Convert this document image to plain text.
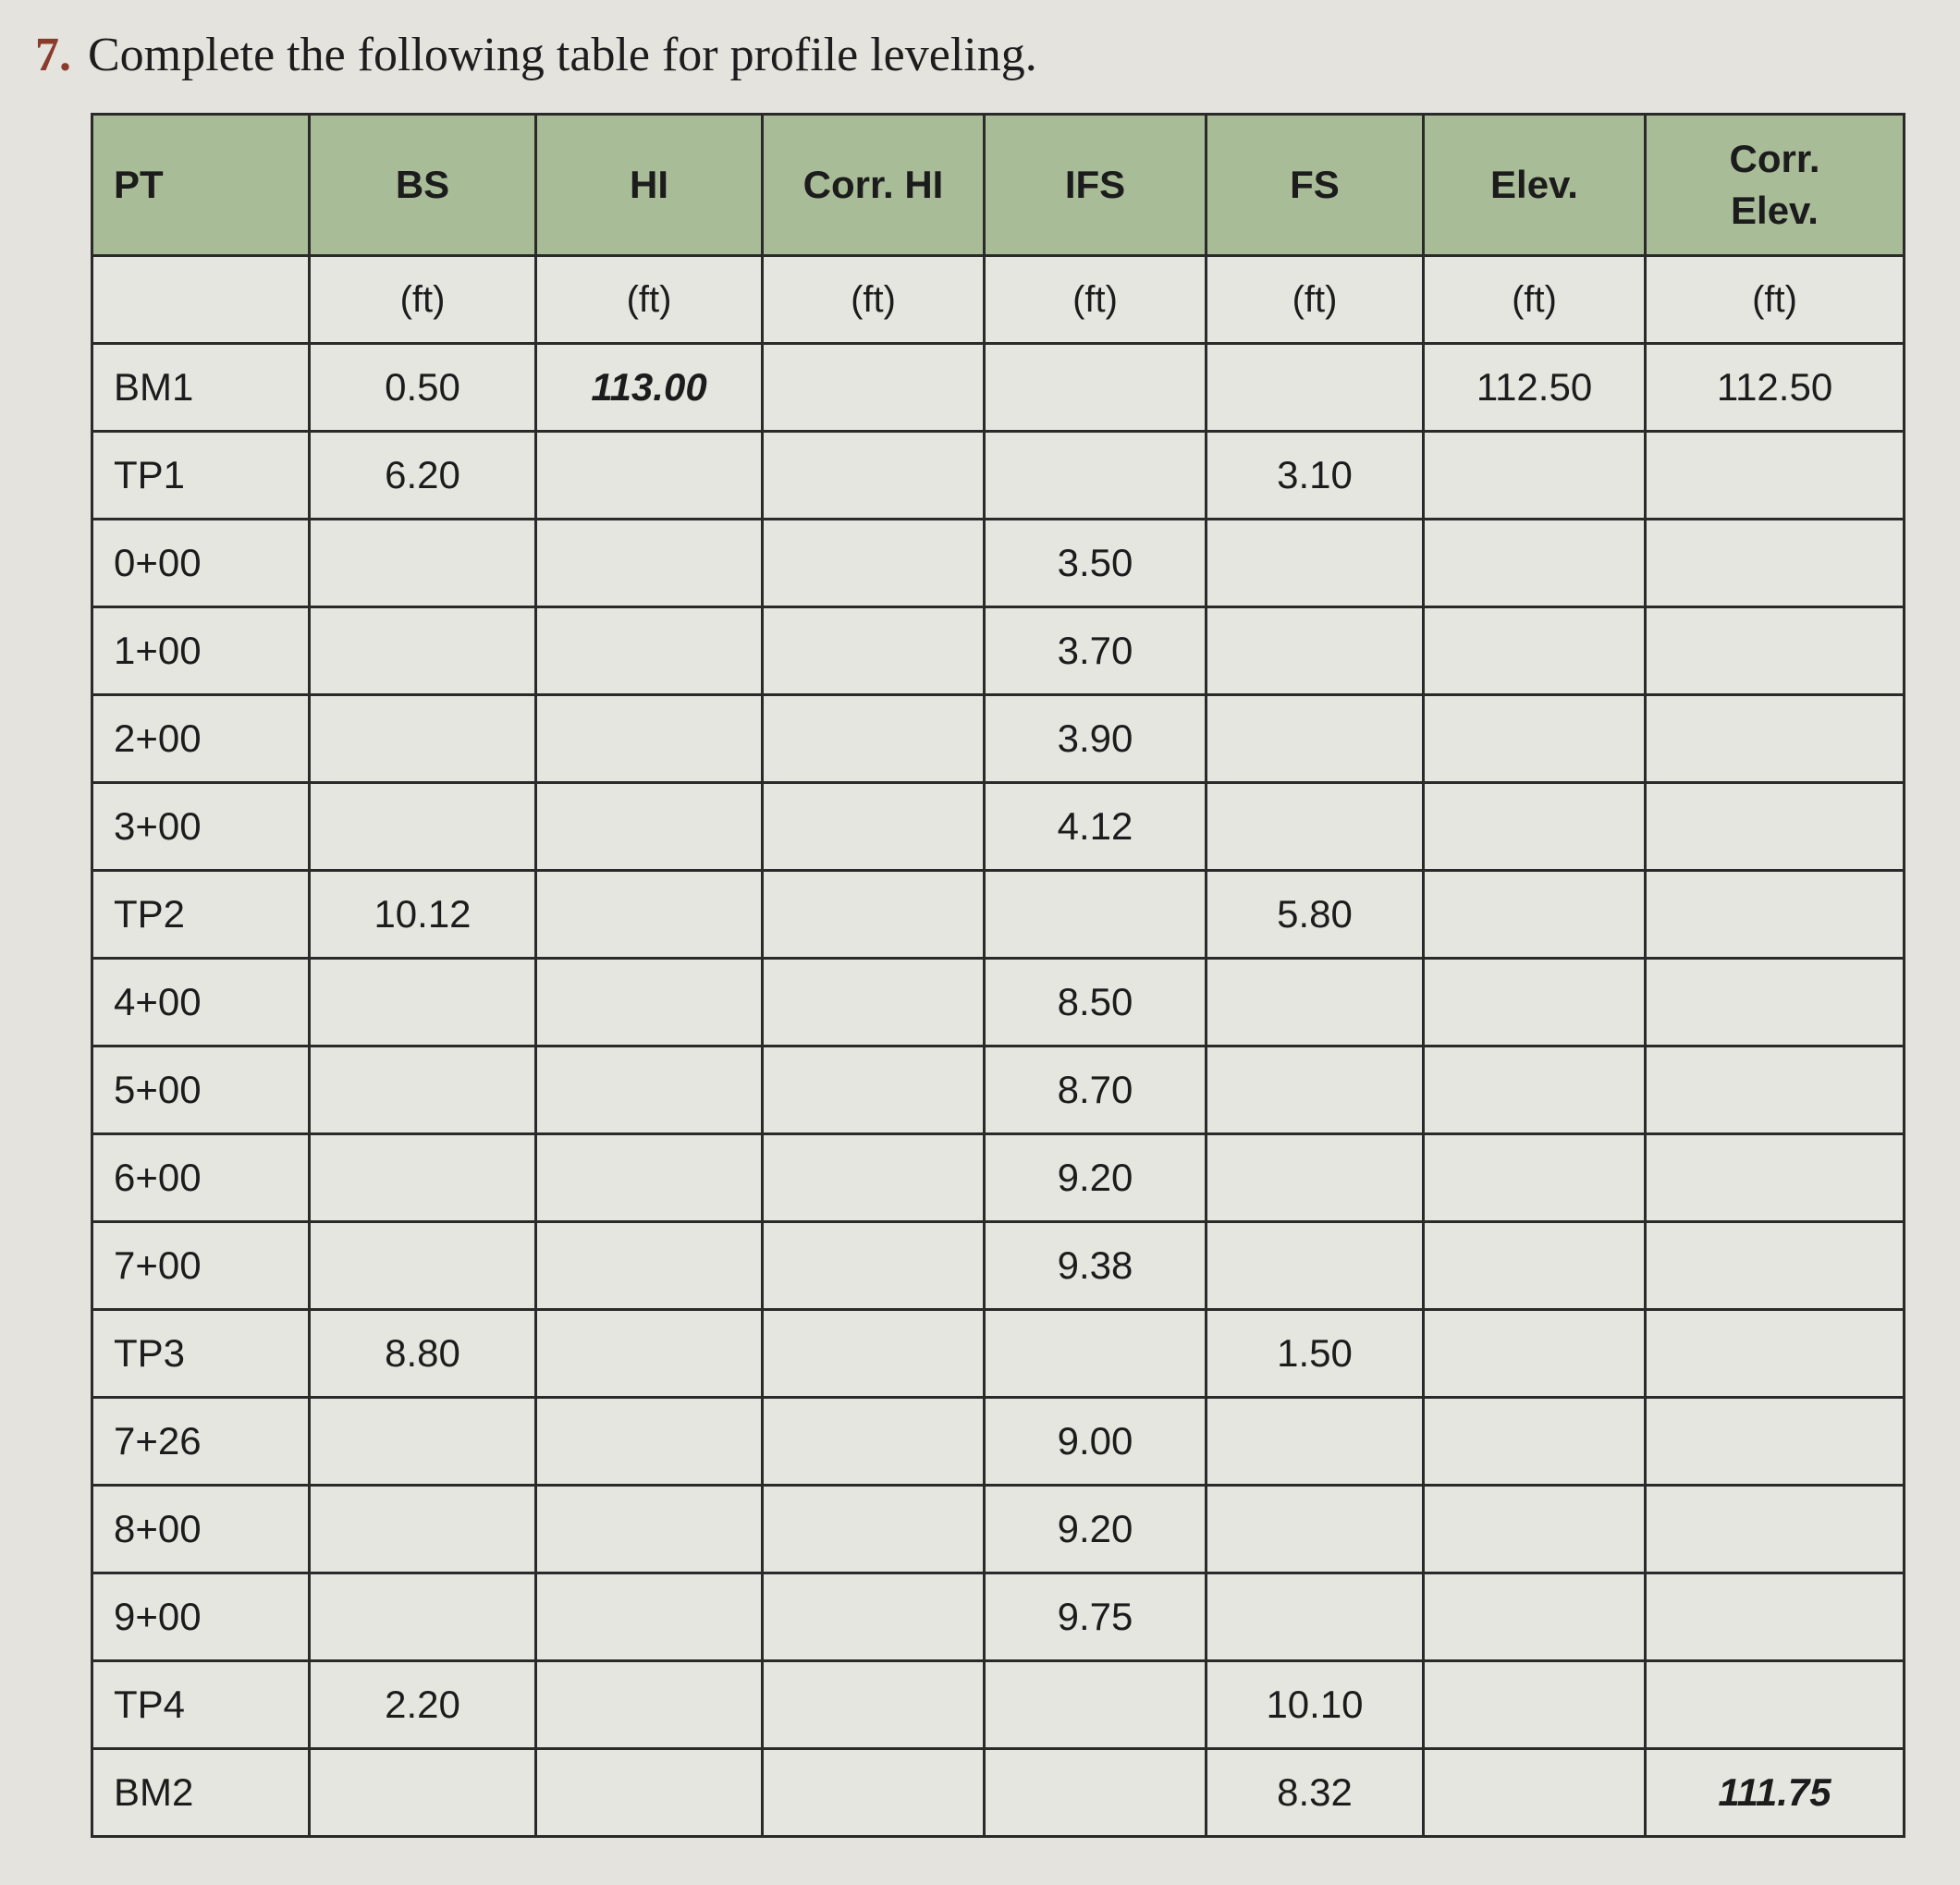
7. Complete the following table for profile leveling.
PT	BS	HI	Corr. HI	IFS	FS	Elev.	Corr.
Elev.
	(ft)	(ft)	(ft)	(ft)	(ft)	(ft)	(ft)
BM1	0.50	113.00				112.50	112.50
TP1	6.20				3.10		
0+00				3.50			
1+00				3.70			
2+00				3.90			
3+00				4.12			
TP2	10.12				5.80		
4+00				8.50			
5+00				8.70			
6+00				9.20			
7+00				9.38			
TP3	8.80				1.50		
7+26				9.00			
8+00				9.20			
9+00				9.75			
TP4	2.20				10.10		
BM2					8.32		111.75
